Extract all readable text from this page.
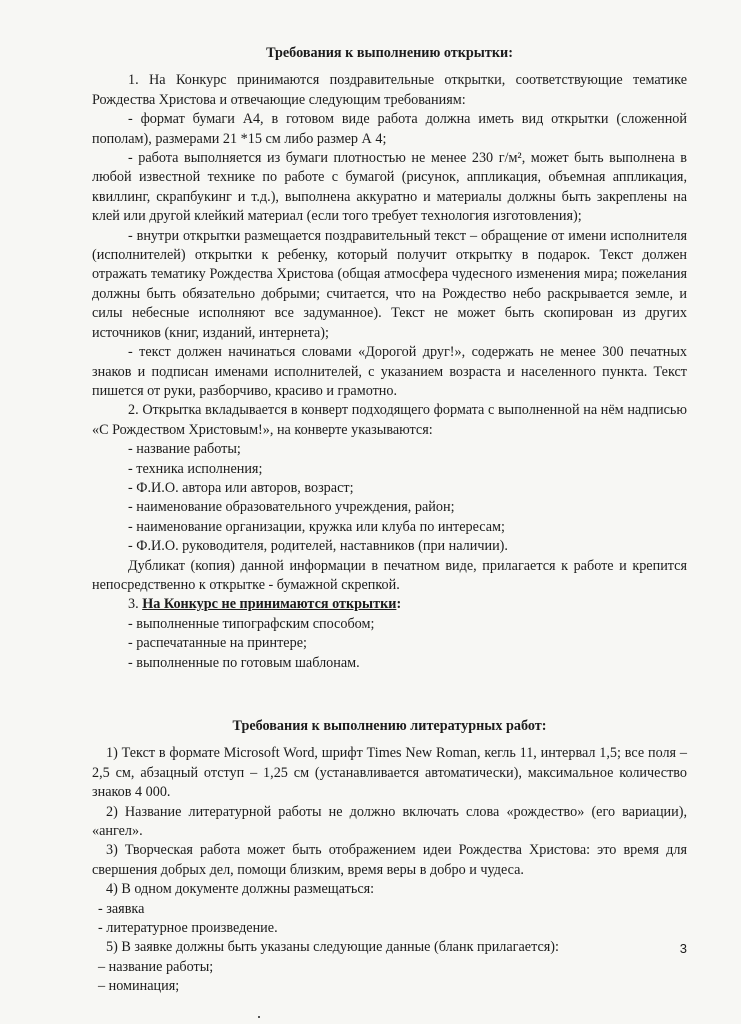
Требования к выполнению открытки:

1. На Конкурс принимаются поздравительные открытки, соответствующие тематике Рождества Христова и отвечающие следующим требованиям:

- формат бумаги А4, в готовом виде работа должна иметь вид открытки (сложенной пополам), размерами 21 *15 см либо размер А 4;

- работа выполняется из бумаги плотностью не менее 230 г/м², может быть выполнена в любой известной технике по работе с бумагой (рисунок, аппликация, объемная аппликация, квиллинг, скрапбукинг и т.д.), выполнена аккуратно и материалы должны быть закреплены на клей или другой клейкий материал (если того требует технология изготовления);

- внутри открытки размещается поздравительный текст – обращение от имени исполнителя (исполнителей) открытки к ребенку, который получит открытку в подарок. Текст должен отражать тематику Рождества Христова (общая атмосфера чудесного изменения мира; пожелания должны быть обязательно добрыми; считается, что на Рождество небо раскрывается земле, и силы небесные исполняют все задуманное). Текст не может быть скопирован из других источников (книг, изданий, интернета);

- текст должен начинаться словами «Дорогой друг!», содержать не менее 300 печатных знаков и подписан именами исполнителей, с указанием возраста и населенного пункта. Текст пишется от руки, разборчиво, красиво и грамотно.

2. Открытка вкладывается в конверт подходящего формата с выполненной на нём надписью «С Рождеством Христовым!», на конверте указываются:

- название работы;

- техника исполнения;

- Ф.И.О. автора или авторов, возраст;

- наименование образовательного учреждения, район;

- наименование организации, кружка или клуба по интересам;

- Ф.И.О. руководителя, родителей, наставников (при наличии).

Дубликат (копия) данной информации в печатном виде, прилагается к работе и крепится непосредственно к открытке - бумажной скрепкой.

3. На Конкурс не принимаются открытки:

- выполненные типографским способом;

- распечатанные на принтере;

- выполненные по готовым шаблонам.

Требования к выполнению литературных работ:

1) Текст в формате Microsoft Word, шрифт Times New Roman, кегль 11, интервал 1,5; все поля – 2,5 см, абзацный отступ – 1,25 см (устанавливается автоматически), максимальное количество знаков 4 000.

2) Название литературной работы не должно включать слова «рождество» (его вариации), «ангел».

3) Творческая работа может быть отображением идеи Рождества Христова: это время для свершения добрых дел, помощи близким, время веры в добро и чудеса.

4) В одном документе должны размещаться:

- заявка

- литературное произведение.

5) В заявке должны быть указаны следующие данные (бланк прилагается):

– название работы;

– номинация;

3
